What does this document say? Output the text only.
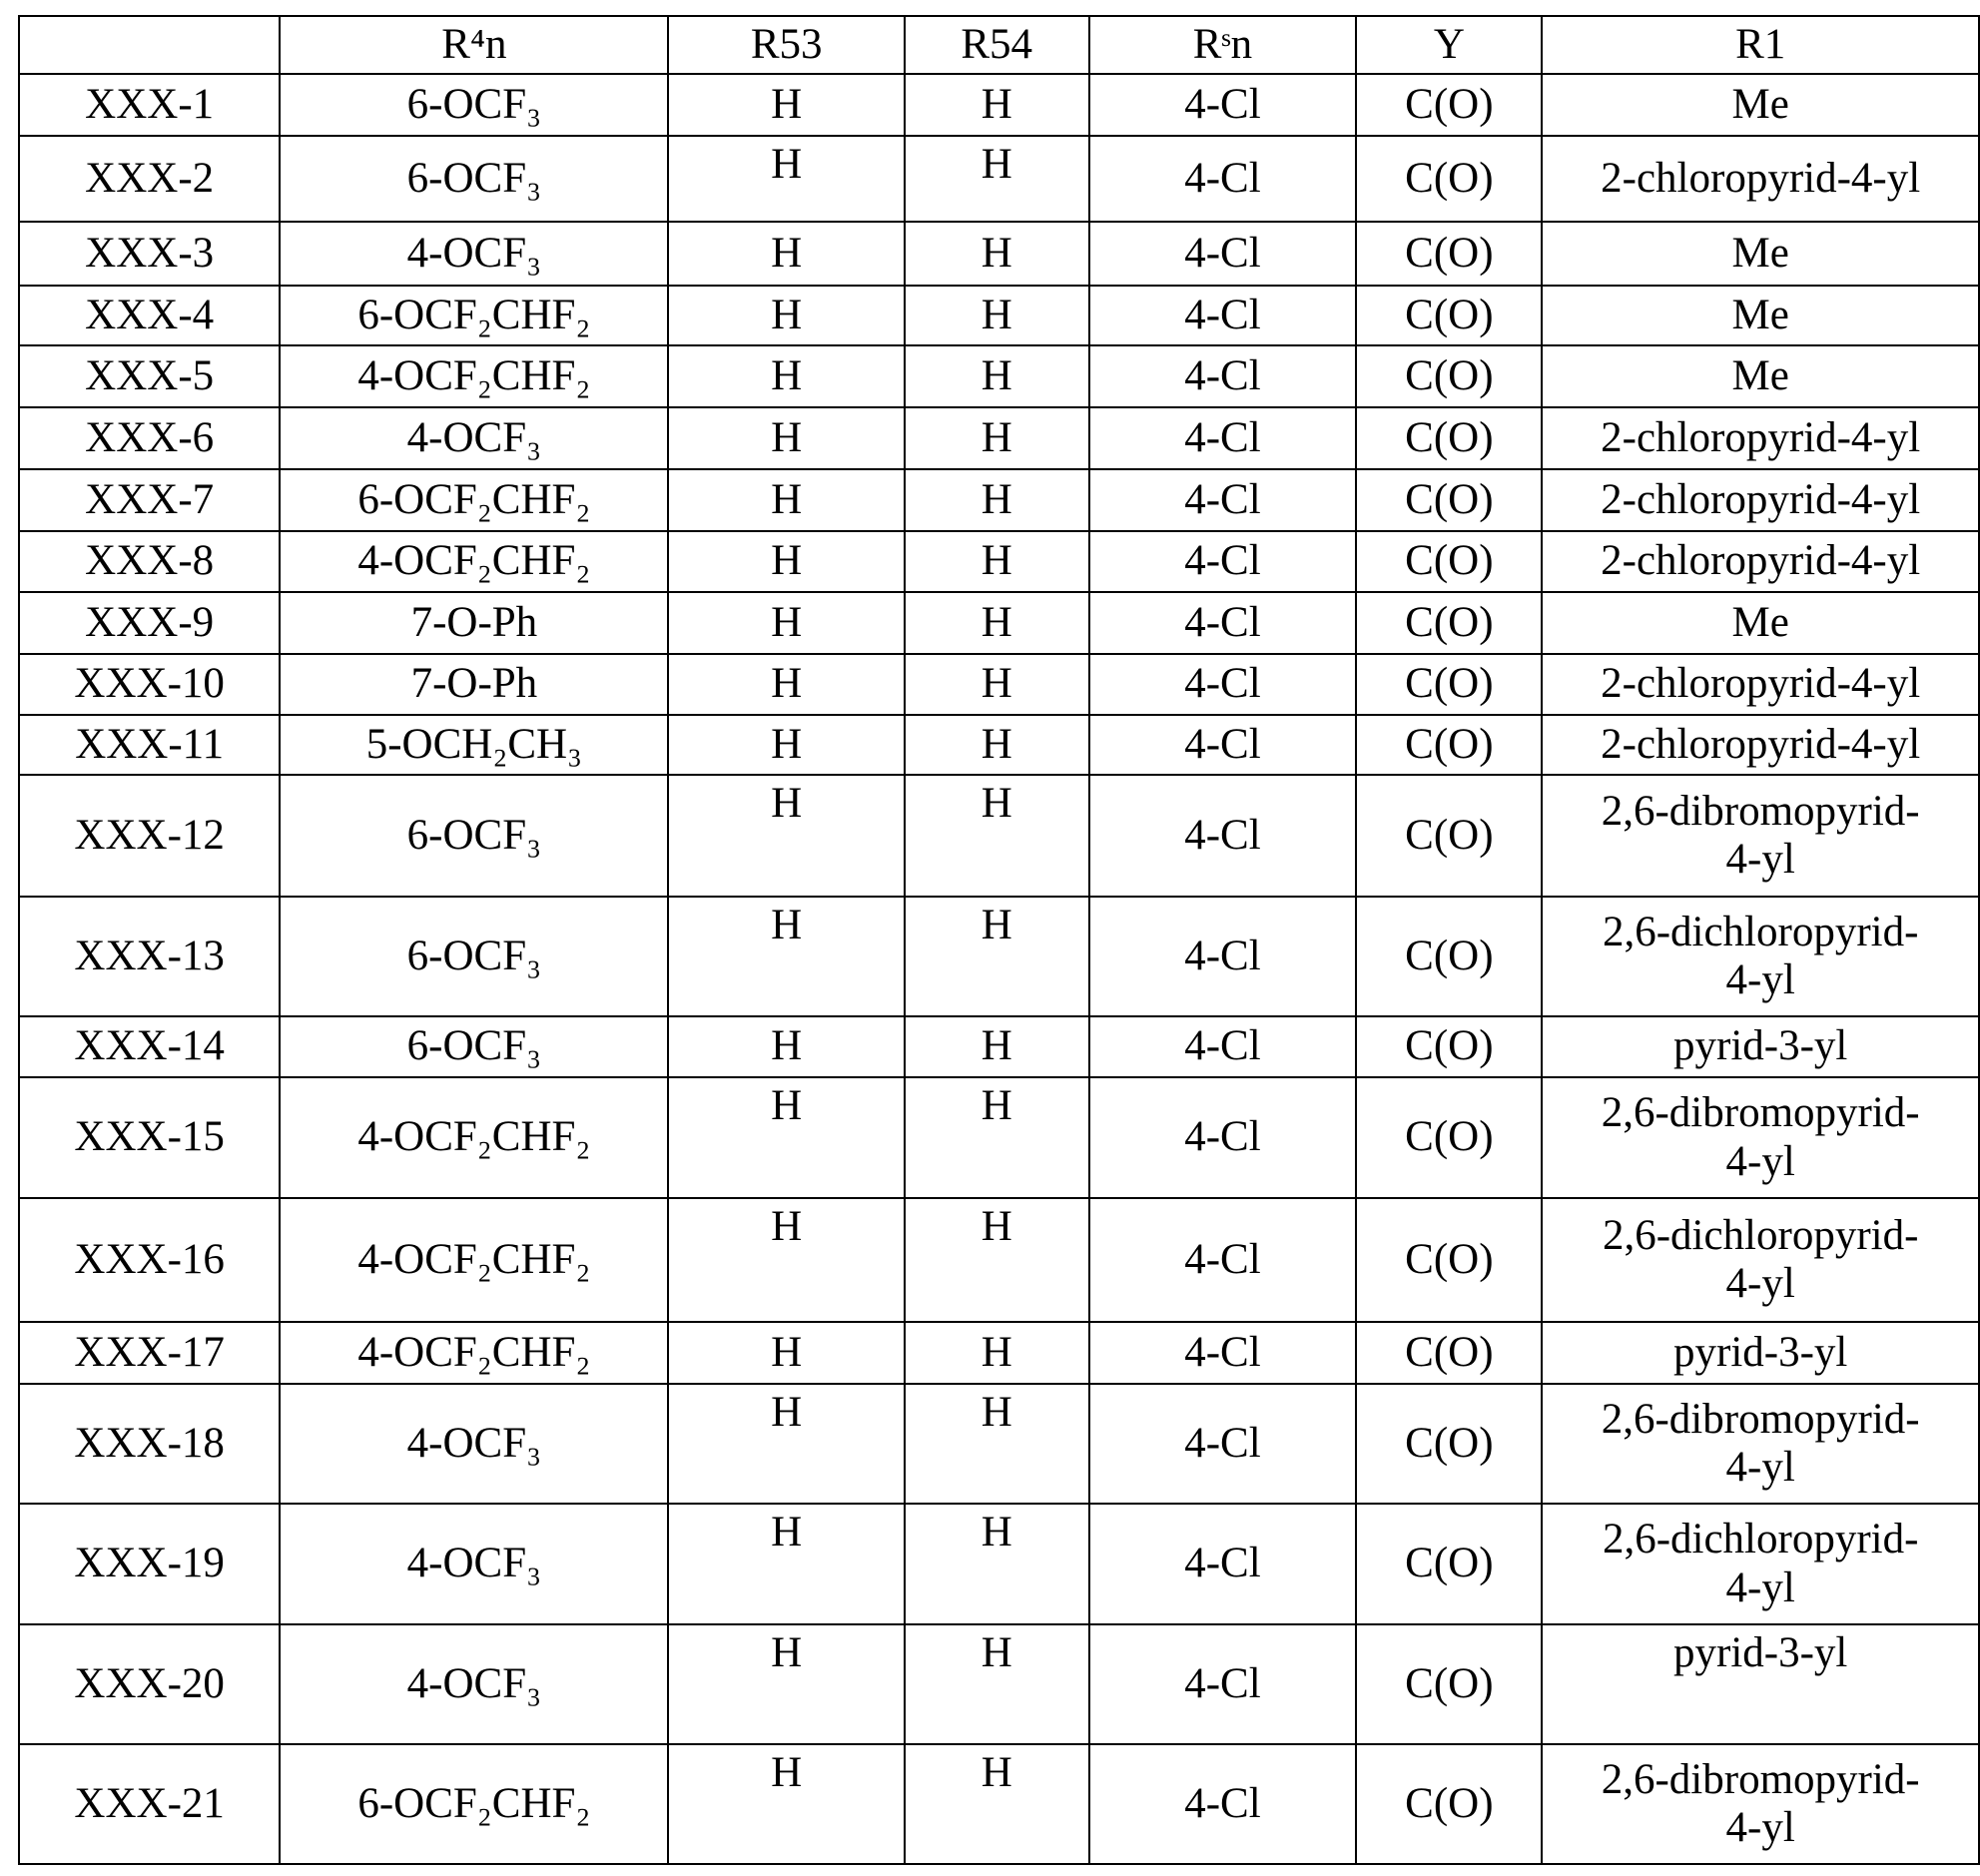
	R⁴n	R53	R54	Rˢn	Y	R1
XXX-1	6-OCF₃	H	H	4-Cl	C(O)	Me
XXX-2	6-OCF₃	H	H	4-Cl	C(O)	2-chloropyrid-4-yl
XXX-3	4-OCF₃	H	H	4-Cl	C(O)	Me
XXX-4	6-OCF₂CHF₂	H	H	4-Cl	C(O)	Me
XXX-5	4-OCF₂CHF₂	H	H	4-Cl	C(O)	Me
XXX-6	4-OCF₃	H	H	4-Cl	C(O)	2-chloropyrid-4-yl
XXX-7	6-OCF₂CHF₂	H	H	4-Cl	C(O)	2-chloropyrid-4-yl
XXX-8	4-OCF₂CHF₂	H	H	4-Cl	C(O)	2-chloropyrid-4-yl
XXX-9	7-O-Ph	H	H	4-Cl	C(O)	Me
XXX-10	7-O-Ph	H	H	4-Cl	C(O)	2-chloropyrid-4-yl
XXX-11	5-OCH₂CH₃	H	H	4-Cl	C(O)	2-chloropyrid-4-yl
XXX-12	6-OCF₃	H	H	4-Cl	C(O)	2,6-dibromopyrid-
4-yl
XXX-13	6-OCF₃	H	H	4-Cl	C(O)	2,6-dichloropyrid-
4-yl
XXX-14	6-OCF₃	H	H	4-Cl	C(O)	pyrid-3-yl
XXX-15	4-OCF₂CHF₂	H	H	4-Cl	C(O)	2,6-dibromopyrid-
4-yl
XXX-16	4-OCF₂CHF₂	H	H	4-Cl	C(O)	2,6-dichloropyrid-
4-yl
XXX-17	4-OCF₂CHF₂	H	H	4-Cl	C(O)	pyrid-3-yl
XXX-18	4-OCF₃	H	H	4-Cl	C(O)	2,6-dibromopyrid-
4-yl
XXX-19	4-OCF₃	H	H	4-Cl	C(O)	2,6-dichloropyrid-
4-yl
XXX-20	4-OCF₃	H	H	4-Cl	C(O)	pyrid-3-yl
XXX-21	6-OCF₂CHF₂	H	H	4-Cl	C(O)	2,6-dibromopyrid-
4-yl
